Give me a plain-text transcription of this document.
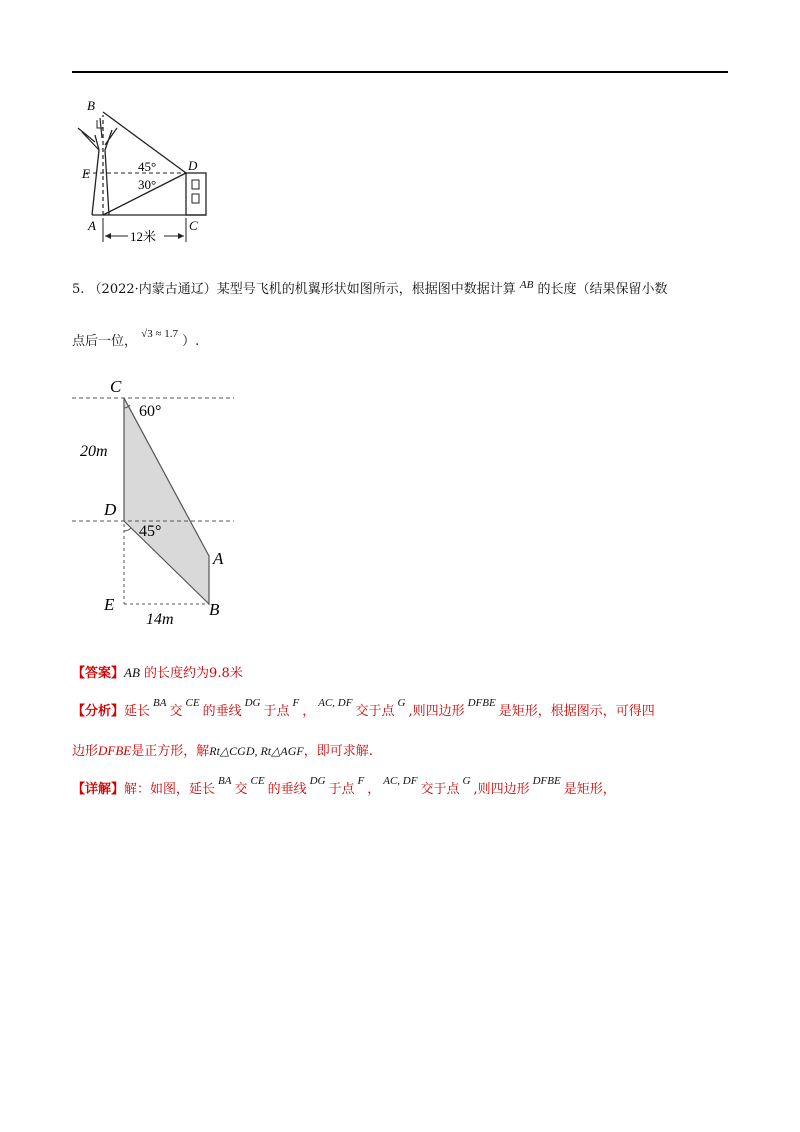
B
E
A
D
C
45°
30°
12米
5. （2022·内蒙古通辽）某型号飞机的机翼形状如图所示，根据图中数据计算 $^{AB}$ 的长度（结果保留小数
点后一位， $^{√3 \approx 1.7}$ ）.
C
D
E
A
B
60°
45°
20m
14m
【答案】AB 的长度约为9.8米
【分析】延长$^{BA}$交$^{CE}$的垂线$^{DG}$于点$^F$，$^{AC, DF}$交于点$^G$,则四边形$^{DFBE}$是矩形，根据图示，可得四
边形DFBE是正方形，解Rt△CGD, Rt△AGF，即可求解.
【详解】解：如图，延长$^{BA}$交$^{CE}$的垂线$^{DG}$于点$^F$，$^{AC, DF}$交于点$^G$,则四边形$^{DFBE}$是矩形，
